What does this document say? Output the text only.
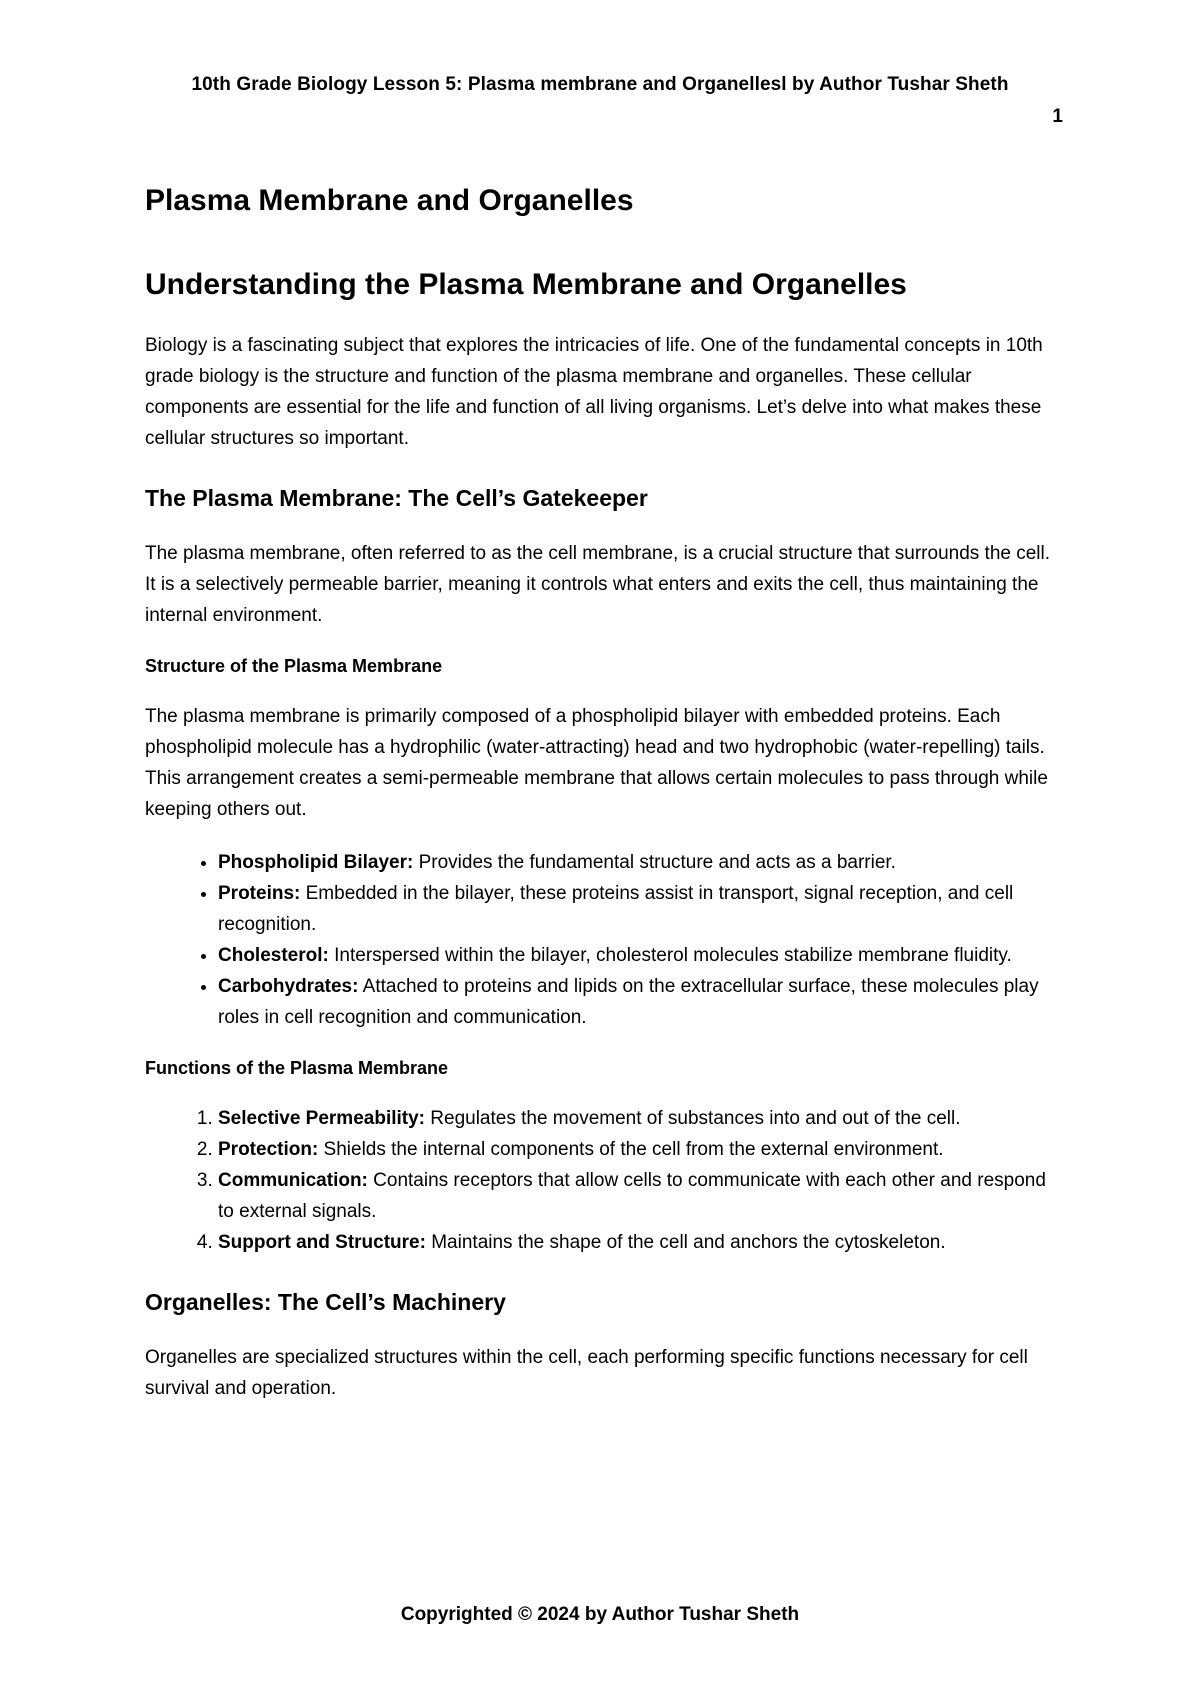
10th Grade Biology Lesson 5: Plasma membrane and Organellesl by Author Tushar Sheth
1
Plasma Membrane and Organelles
Understanding the Plasma Membrane and Organelles

Biology is a fascinating subject that explores the intricacies of life. One of the fundamental concepts in 10th grade biology is the structure and function of the plasma membrane and organelles. These cellular components are essential for the life and function of all living organisms. Let’s delve into what makes these cellular structures so important.

The Plasma Membrane: The Cell’s Gatekeeper

The plasma membrane, often referred to as the cell membrane, is a crucial structure that surrounds the cell. It is a selectively permeable barrier, meaning it controls what enters and exits the cell, thus maintaining the internal environment.

Structure of the Plasma Membrane

The plasma membrane is primarily composed of a phospholipid bilayer with embedded proteins. Each phospholipid molecule has a hydrophilic (water-attracting) head and two hydrophobic (water-repelling) tails. This arrangement creates a semi-permeable membrane that allows certain molecules to pass through while keeping others out.

• Phospholipid Bilayer: Provides the fundamental structure and acts as a barrier.
• Proteins: Embedded in the bilayer, these proteins assist in transport, signal reception, and cell recognition.
• Cholesterol: Interspersed within the bilayer, cholesterol molecules stabilize membrane fluidity.
• Carbohydrates: Attached to proteins and lipids on the extracellular surface, these molecules play roles in cell recognition and communication.
Functions of the Plasma Membrane
1. Selective Permeability: Regulates the movement of substances into and out of the cell.
2. Protection: Shields the internal components of the cell from the external environment.
3. Communication: Contains receptors that allow cells to communicate with each other and respond to external signals.
4. Support and Structure: Maintains the shape of the cell and anchors the cytoskeleton.
Organelles: The Cell’s Machinery

Organelles are specialized structures within the cell, each performing specific functions necessary for cell survival and operation.

Copyrighted © 2024 by Author Tushar Sheth
